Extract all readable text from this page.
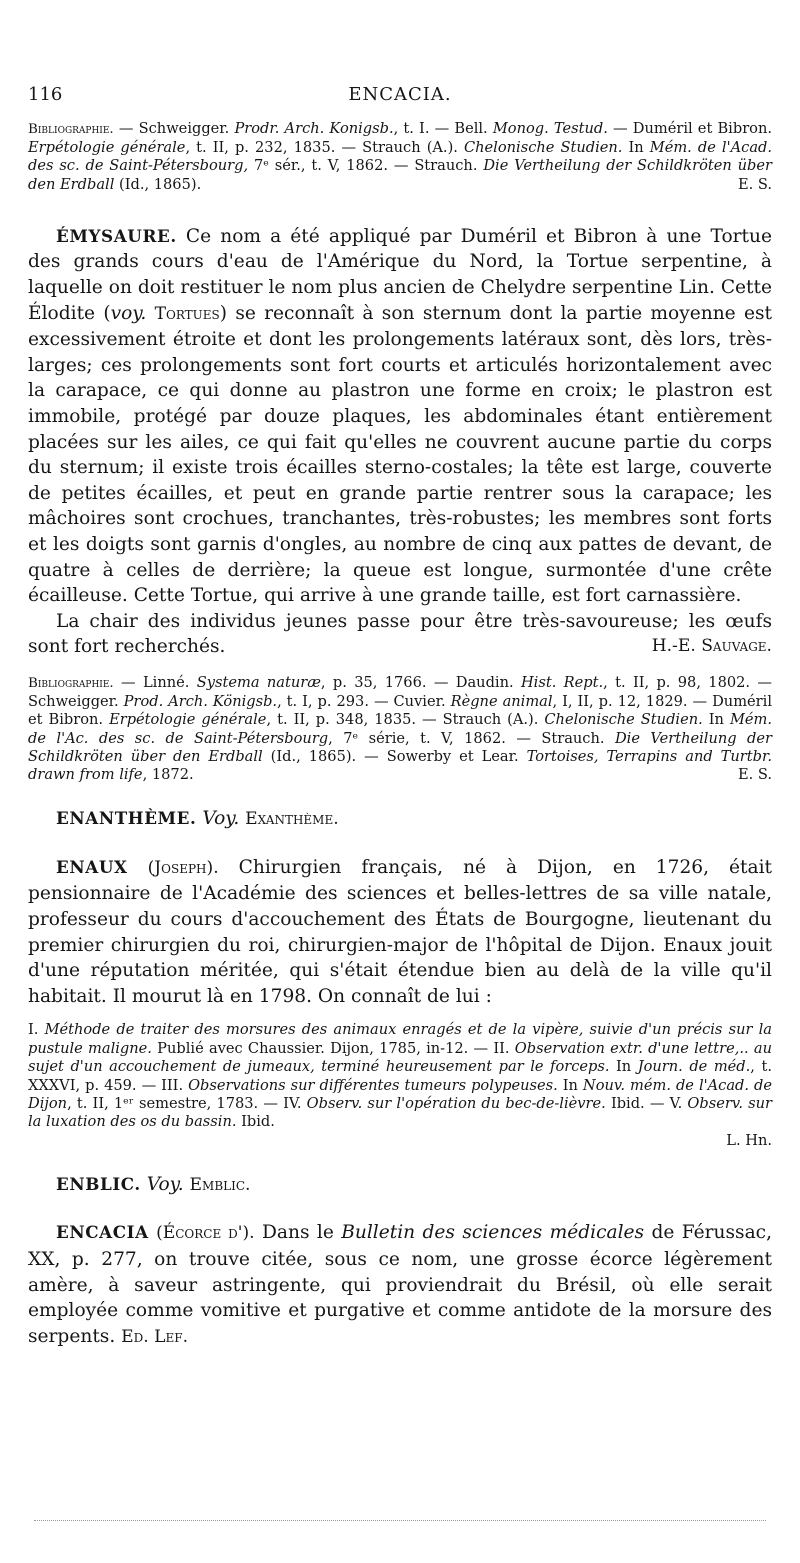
116	ENCACIA.

Bibliographie. — Schweigger. Prodr. Arch. Konigsb., t. I. — Bell. Monog. Testud. — Duméril et Bibron. Erpétologie générale, t. II, p. 232, 1835. — Strauch (A.). Chelonische Studien. In Mém. de l'Acad. des sc. de Saint-Pétersbourg, 7ᵉ sér., t. V, 1862. — Strauch. Die Vertheilung der Schildkröten über den Erdball (Id., 1865).	E. S.

ÉMYSAURE. Ce nom a été appliqué par Duméril et Bibron à une Tortue des grands cours d'eau de l'Amérique du Nord, la Tortue serpentine, à laquelle on doit restituer le nom plus ancien de Chelydre serpentine Lin. Cette Élodite (voy. Tortues) se reconnaît à son sternum dont la partie moyenne est excessivement étroite et dont les prolongements latéraux sont, dès lors, très-larges; ces prolongements sont fort courts et articulés horizontalement avec la carapace, ce qui donne au plastron une forme en croix; le plastron est immobile, protégé par douze plaques, les abdominales étant entièrement placées sur les ailes, ce qui fait qu'elles ne couvrent aucune partie du corps du sternum; il existe trois écailles sterno-costales; la tête est large, couverte de petites écailles, et peut en grande partie rentrer sous la carapace; les mâchoires sont crochues, tranchantes, très-robustes; les membres sont forts et les doigts sont garnis d'ongles, au nombre de cinq aux pattes de devant, de quatre à celles de derrière; la queue est longue, surmontée d'une crête écailleuse. Cette Tortue, qui arrive à une grande taille, est fort carnassière.

La chair des individus jeunes passe pour être très-savoureuse; les œufs sont fort recherchés.	H.-E. Sauvage.

Bibliographie. — Linné. Systema naturæ, p. 35, 1766. — Daudin. Hist. Rept., t. II, p. 98, 1802. — Schweigger. Prod. Arch. Königsb., t. I, p. 293. — Cuvier. Règne animal, I, II, p. 12, 1829. — Duméril et Bibron. Erpétologie générale, t. II, p. 348, 1835. — Strauch (A.). Chelonische Studien. In Mém. de l'Ac. des sc. de Saint-Pétersbourg, 7ᵉ série, t. V, 1862. — Strauch. Die Vertheilung der Schildkröten über den Erdball (Id., 1865). — Sowerby et Lear. Tortoises, Terrapins and Turtbr. drawn from life, 1872.	E. S.

ENANTHÈME. Voy. Exanthème.

ENAUX (Joseph). Chirurgien français, né à Dijon, en 1726, était pensionnaire de l'Académie des sciences et belles-lettres de sa ville natale, professeur du cours d'accouchement des États de Bourgogne, lieutenant du premier chirurgien du roi, chirurgien-major de l'hôpital de Dijon. Enaux jouit d'une réputation méritée, qui s'était étendue bien au delà de la ville qu'il habitait. Il mourut là en 1798. On connaît de lui :

I. Méthode de traiter des morsures des animaux enragés et de la vipère, suivie d'un précis sur la pustule maligne. Publié avec Chaussier. Dijon, 1785, in-12. — II. Observation extr. d'une lettre,.. au sujet d'un accouchement de jumeaux, terminé heureusement par le forceps. In Journ. de méd., t. XXXVI, p. 459. — III. Observations sur différentes tumeurs polypeuses. In Nouv. mém. de l'Acad. de Dijon, t. II, 1ᵉʳ semestre, 1783. — IV. Observ. sur l'opération du bec-de-lièvre. Ibid. — V. Observ. sur la luxation des os du bassin. Ibid.

L. Hn.

ENBLIC. Voy. Emblic.

ENCACIA (Écorce d'). Dans le Bulletin des sciences médicales de Férussac, XX, p. 277, on trouve citée, sous ce nom, une grosse écorce légèrement amère, à saveur astringente, qui proviendrait du Brésil, où elle serait employée comme vomitive et purgative et comme antidote de la morsure des serpents. Ed. Lef.
